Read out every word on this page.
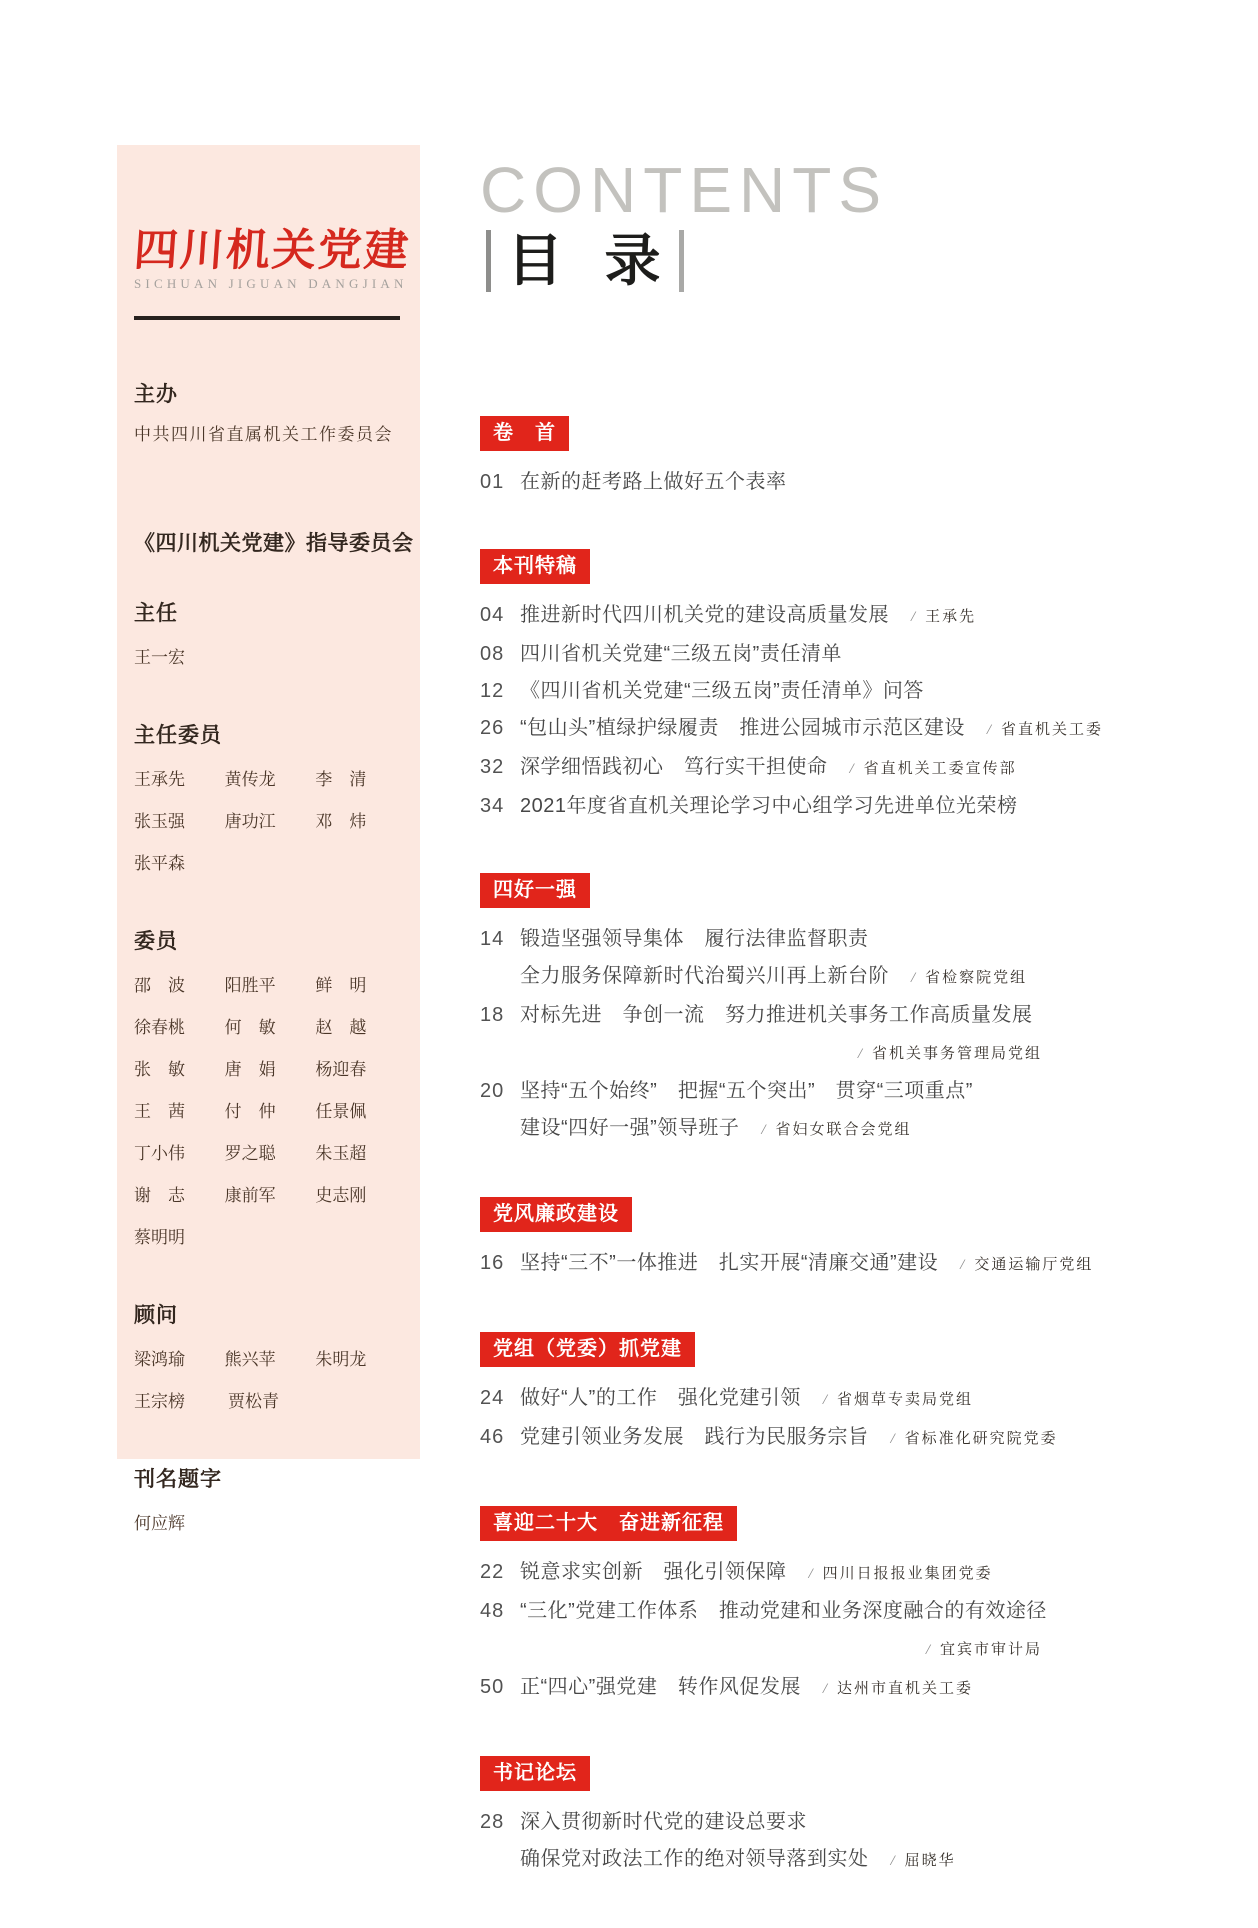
四川机关党建
SICHUAN JIGUAN DANGJIAN
主办
中共四川省直属机关工作委员会
《四川机关党建》指导委员会
主任
王一宏
主任委员
王承先	黄传龙	李　清
张玉强	唐功江	邓　炜
张平森
委员
邵　波	阳胜平	鲜　明
徐春桃	何　敏	赵　越
张　敏	唐　娟	杨迎春
王　茜	付　仲	任景佩
丁小伟	罗之聪	朱玉超
谢　志	康前军	史志刚
蔡明明
顾问
梁鸿瑜	熊兴苹	朱明龙
王宗榜	贾松青
刊名题字
何应辉
CONTENTS
目 录
卷　首
01 在新的赶考路上做好五个表率
本刊特稿
04 推进新时代四川机关党的建设高质量发展 / 王承先
08 四川省机关党建“三级五岗”责任清单
12 《四川省机关党建“三级五岗”责任清单》问答
26 “包山头”植绿护绿履责　推进公园城市示范区建设 / 省直机关工委
32 深学细悟践初心　笃行实干担使命 / 省直机关工委宣传部
34 2021年度省直机关理论学习中心组学习先进单位光荣榜
四好一强
14 锻造坚强领导集体　履行法律监督职责
全力服务保障新时代治蜀兴川再上新台阶 / 省检察院党组
18 对标先进　争创一流　努力推进机关事务工作高质量发展
/ 省机关事务管理局党组
20 坚持“五个始终”　把握“五个突出”　贯穿“三项重点”
建设“四好一强”领导班子 / 省妇女联合会党组
党风廉政建设
16 坚持“三不”一体推进　扎实开展“清廉交通”建设 / 交通运输厅党组
党组（党委）抓党建
24 做好“人”的工作　强化党建引领 / 省烟草专卖局党组
46 党建引领业务发展　践行为民服务宗旨 / 省标准化研究院党委
喜迎二十大　奋进新征程
22 锐意求实创新　强化引领保障 / 四川日报报业集团党委
48 “三化”党建工作体系　推动党建和业务深度融合的有效途径
/ 宜宾市审计局
50 正“四心”强党建　转作风促发展 / 达州市直机关工委
书记论坛
28 深入贯彻新时代党的建设总要求
确保党对政法工作的绝对领导落到实处 / 屈晓华
